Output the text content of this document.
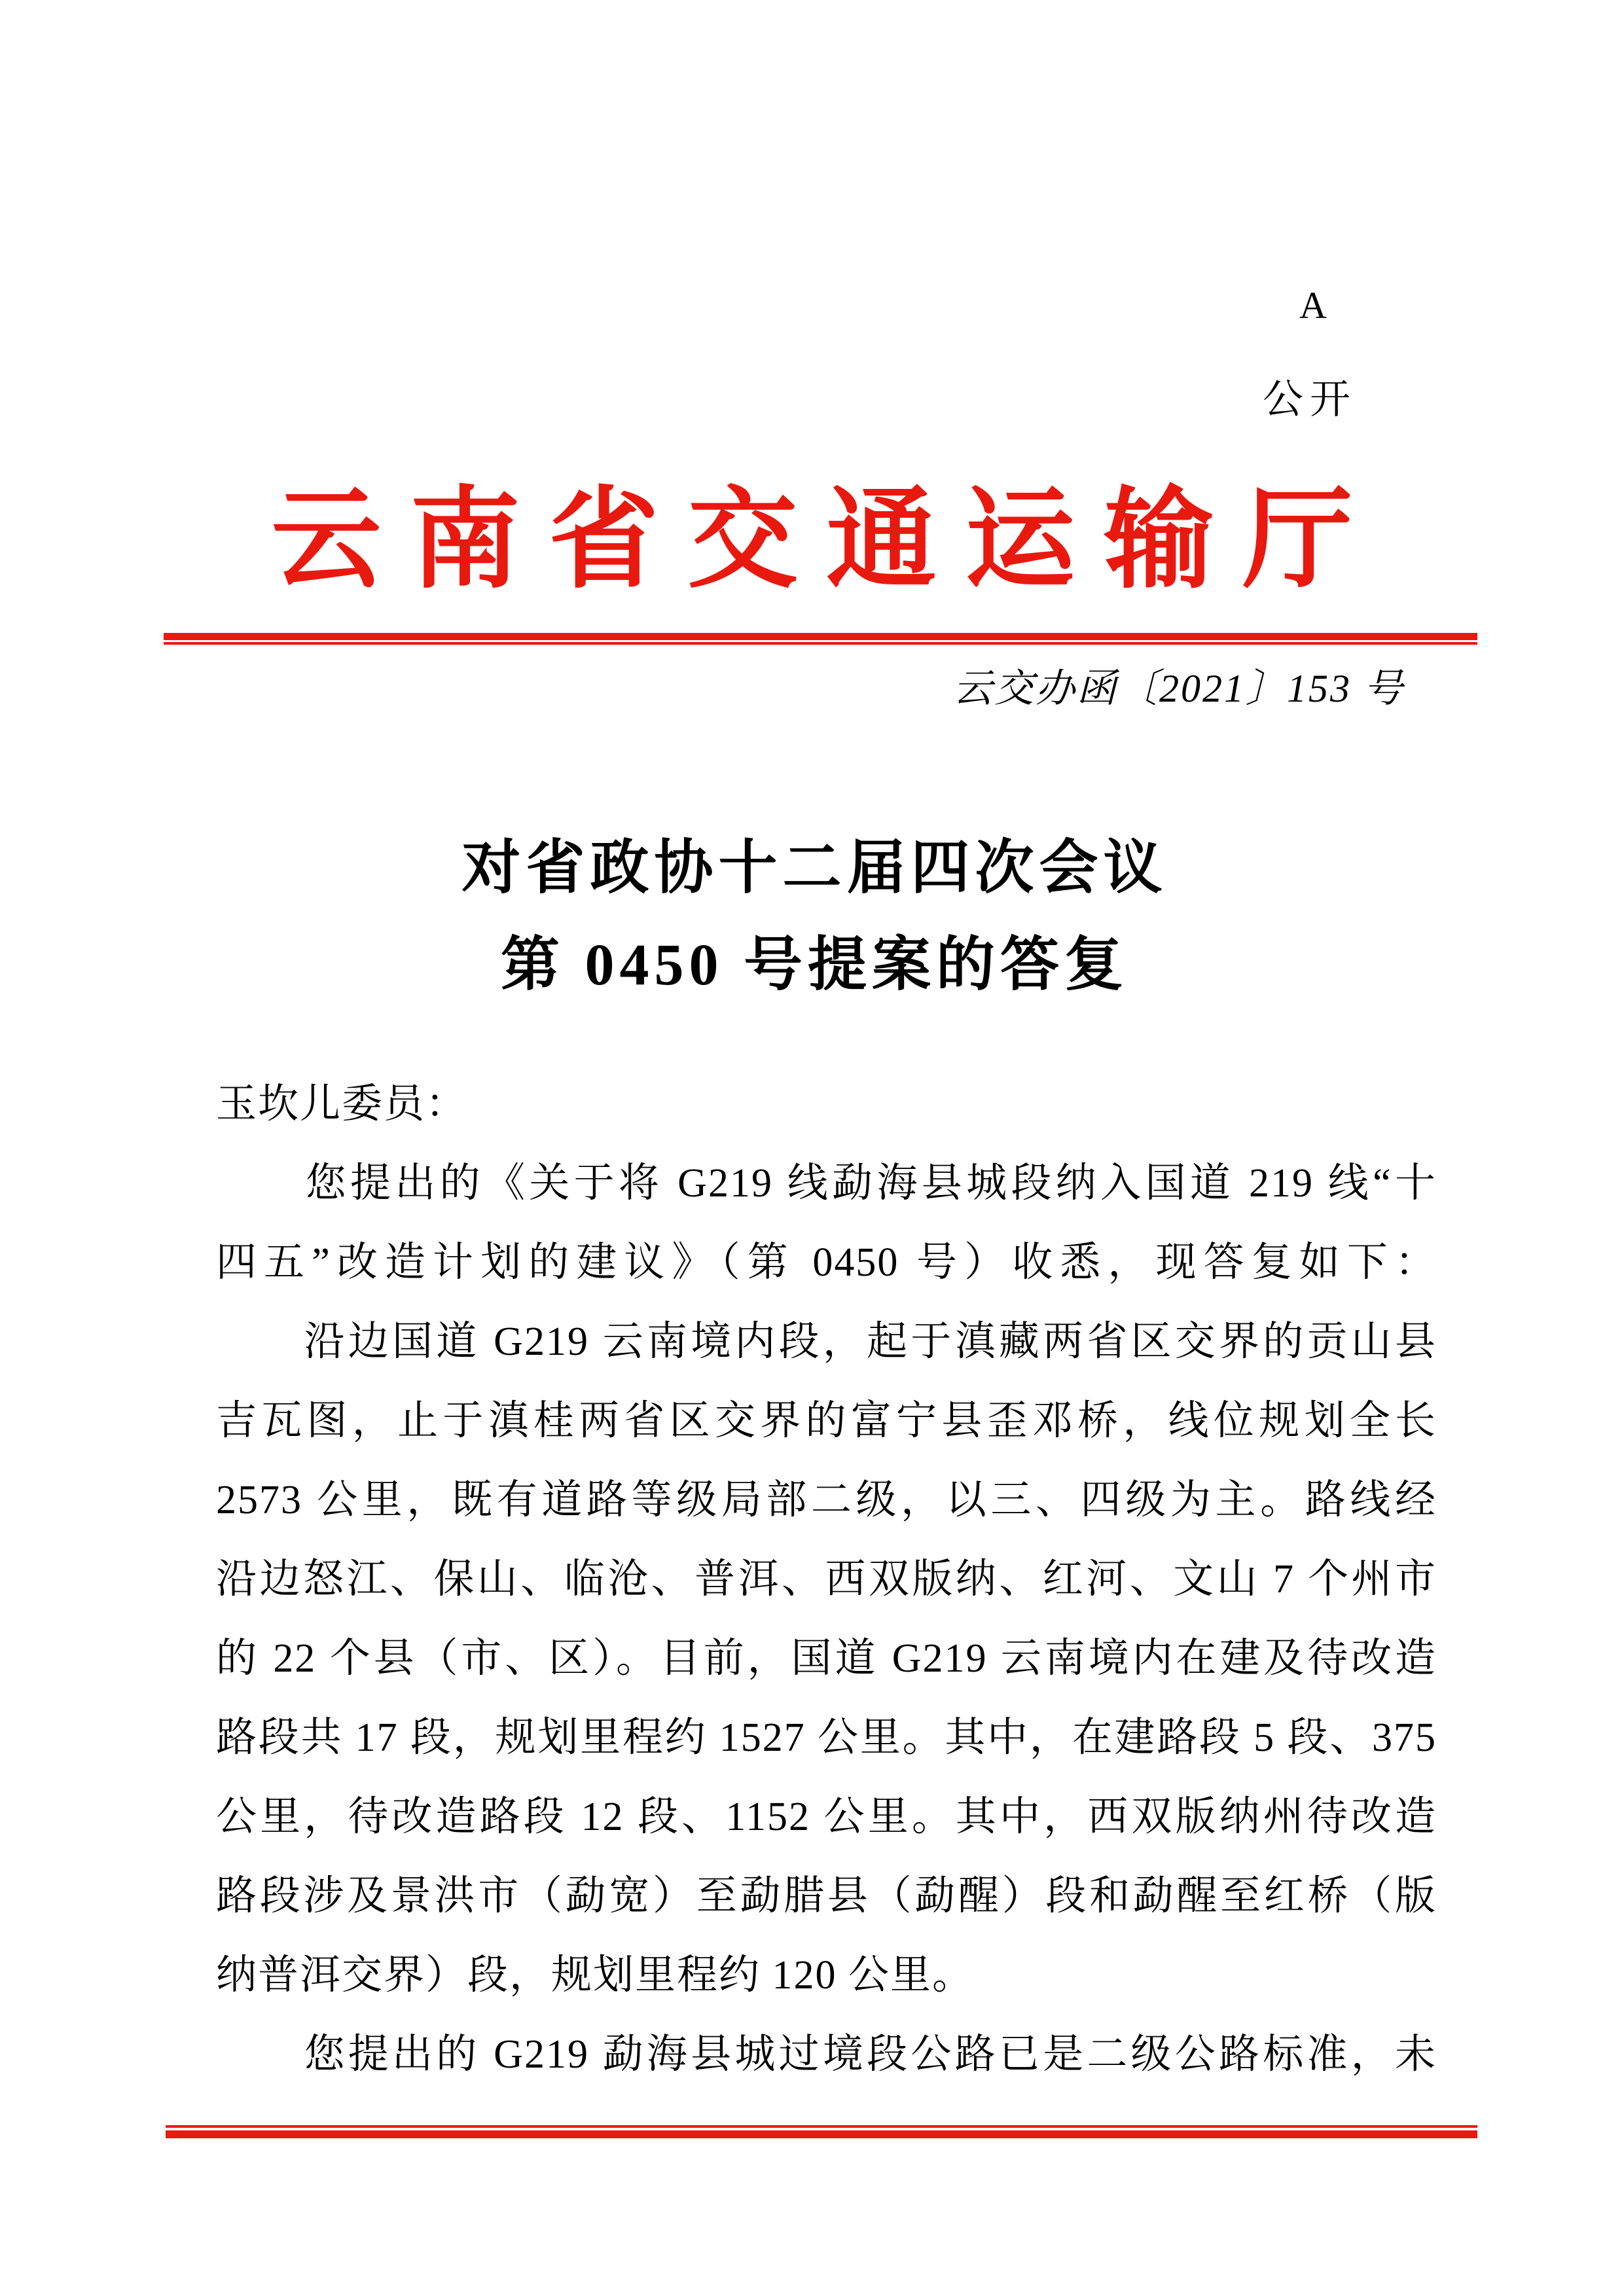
A
公开
云南省交通运输厅
云交办函〔2021〕153 号
对省政协十二届四次会议
第 0450 号提案的答复
玉坎儿委员：
　　您提出的《关于将 G219 线勐海县城段纳入国道 219 线“十
四五”改造计划的建议》（第 0450 号）收悉，现答复如下：
　　沿边国道 G219 云南境内段，起于滇藏两省区交界的贡山县
吉瓦图，止于滇桂两省区交界的富宁县歪邓桥，线位规划全长
2573 公里，既有道路等级局部二级，以三、四级为主。路线经
沿边怒江、保山、临沧、普洱、西双版纳、红河、文山 7 个州市
的 22 个县（市、区）。目前，国道 G219 云南境内在建及待改造
路段共 17 段，规划里程约 1527 公里。其中，在建路段 5 段、375
公里，待改造路段 12 段、1152 公里。其中，西双版纳州待改造
路段涉及景洪市（勐宽）至勐腊县（勐醒）段和勐醒至红桥（版
纳普洱交界）段，规划里程约 120 公里。
　　您提出的 G219 勐海县城过境段公路已是二级公路标准，未
